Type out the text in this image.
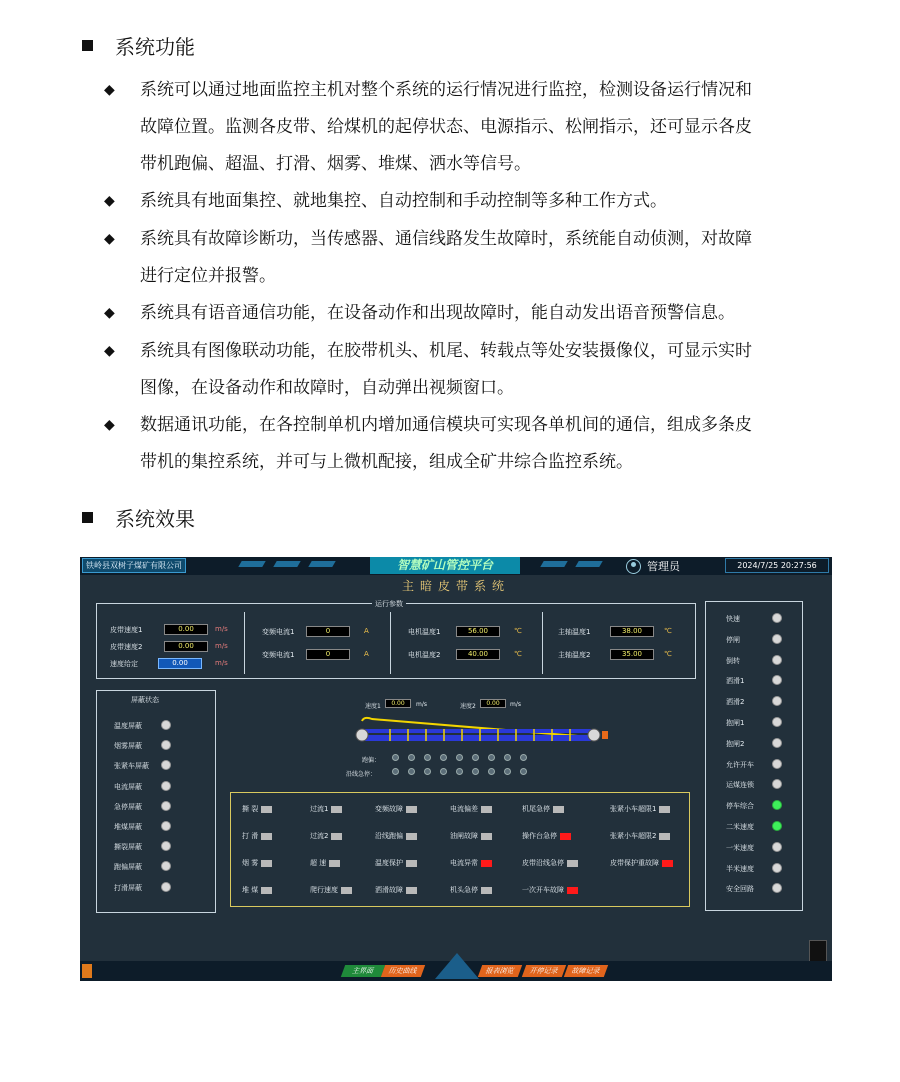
系统功能
◆ 系统可以通过地面监控主机对整个系统的运行情况进行监控，检测设备运行情况和
故障位置。监测各皮带、给煤机的起停状态、电源指示、松闸指示，还可显示各皮
带机跑偏、超温、打滑、烟雾、堆煤、洒水等信号。
◆ 系统具有地面集控、就地集控、自动控制和手动控制等多种工作方式。
◆ 系统具有故障诊断功，当传感器、通信线路发生故障时，系统能自动侦测，对故障
进行定位并报警。
◆ 系统具有语音通信功能，在设备动作和出现故障时，能自动发出语音预警信息。
◆ 系统具有图像联动功能，在胶带机头、机尾、转载点等处安装摄像仪，可显示实时
图像，在设备动作和故障时，自动弹出视频窗口。
◆ 数据通讯功能，在各控制单机内增加通信模块可实现各单机间的通信，组成多条皮
带机的集控系统，并可与上微机配接，组成全矿井综合监控系统。
系统效果
铁岭县双树子煤矿有限公司	智慧矿山管控平台	管理员	2024/7/25 20:27:56
主暗皮带系统
运行参数
皮带速度1	0.00	m/s
皮带速度2	0.00	m/s
速度给定	0.00	m/s
变频电流1	0	A
变频电流1	0	A
电机温度1	56.00	℃
电机温度2	40.00	℃
主轴温度1	38.00	℃
主轴温度2	35.00	℃
屏蔽状态
温度屏蔽
烟雾屏蔽
张紧车屏蔽
电流屏蔽
急停屏蔽
堆煤屏蔽
撕裂屏蔽
跑偏屏蔽
打滑屏蔽
快速
停闸
倒转
洒滑1
洒滑2
抱闸1
抱闸2
允许开车
运煤连锁
停车综合
二米速度
一米速度
半米速度
安全回路
速度1	0.00	m/s	速度2	0.00	m/s
跑偏：
沿线急停：
撕 裂	过流1	变频故障	电流偏差	机尾急停	张紧小车超限1
打 滑	过流2	沿线跑偏	油闸故障	操作台急停	张紧小车超限2
烟 雾	超 速	温度保护	电流异常	皮带沿线急停	皮带保护重故障
堆 煤	爬行速度	洒滑故障	机头急停	一次开车故障
主界面	历史曲线	报表浏览	开停记录	故障记录
